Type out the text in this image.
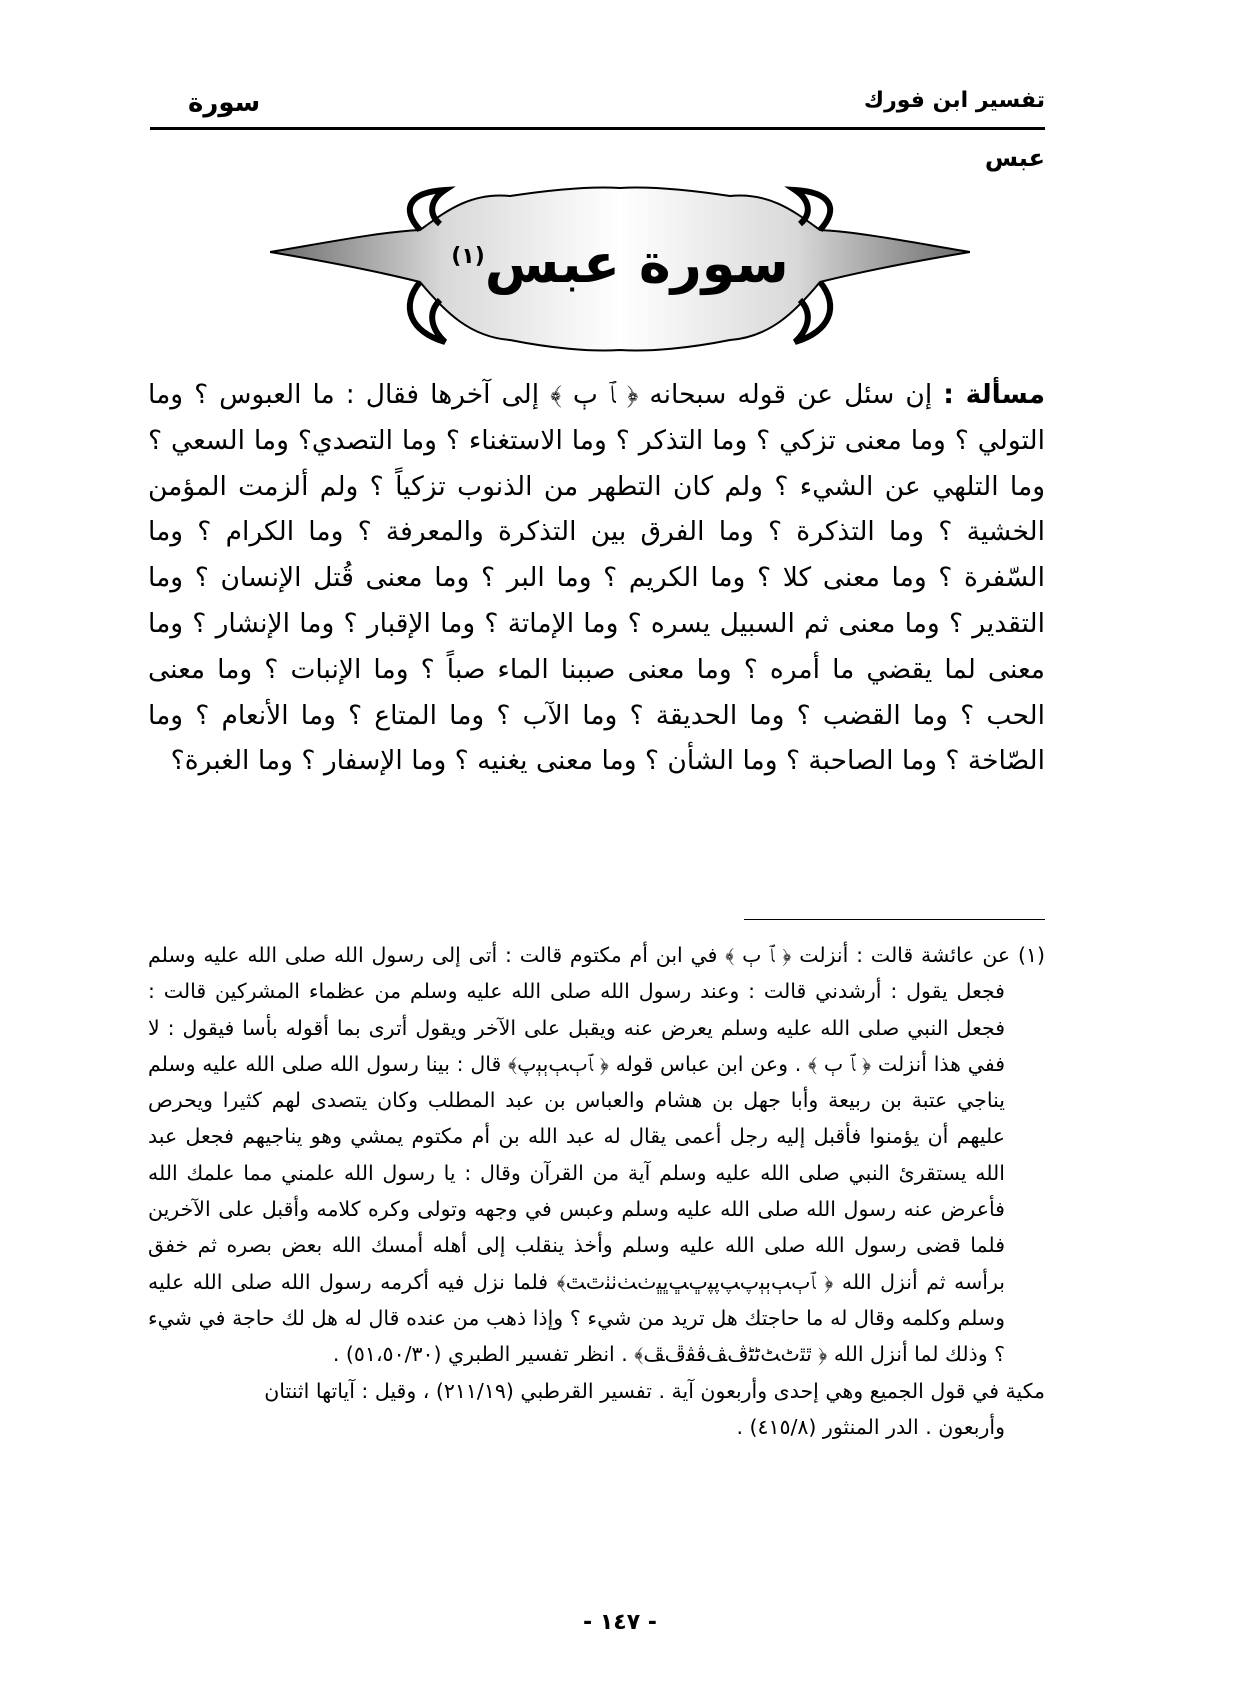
تفسير ابن فورك
سورة
عبس
سورة عبس$^{(١)}$
مسألة : إن سئل عن قوله سبحانه ﴿ ﭑ ﭒ ﴾ إلى آخرها فقال : ما العبوس ؟ وما التولي ؟ وما معنى تزكي ؟ وما التذكر ؟ وما الاستغناء ؟ وما التصدي؟ وما السعي ؟ وما التلهي عن الشيء ؟ ولم كان التطهر من الذنوب تزكياً ؟ ولم ألزمت المؤمن الخشية ؟ وما التذكرة ؟ وما الفرق بين التذكرة والمعرفة ؟ وما الكرام ؟ وما السّفرة ؟ وما معنى كلا ؟ وما الكريم ؟ وما البر ؟ وما معنى قُتل الإنسان ؟ وما التقدير ؟ وما معنى ثم السبيل يسره ؟ وما الإماتة ؟ وما الإقبار ؟ وما الإنشار ؟ وما معنى لما يقضي ما أمره ؟ وما معنى صببنا الماء صباً ؟ وما الإنبات ؟ وما معنى الحب ؟ وما القضب ؟ وما الحديقة ؟ وما الآب ؟ وما المتاع ؟ وما الأنعام ؟ وما الصّاخة ؟ وما الصاحبة ؟ وما الشأن ؟ وما معنى يغنيه ؟ وما الإسفار ؟ وما الغبرة؟

(١) عن عائشة قالت : أنزلت ﴿ ﭑ ﭒ ﴾ في ابن أم مكتوم قالت : أتى إلى رسول الله صلى الله عليه وسلم فجعل يقول : أرشدني قالت : وعند رسول الله صلى الله عليه وسلم من عظماء المشركين قالت : فجعل النبي صلى الله عليه وسلم يعرض عنه ويقبل على الآخر ويقول أترى بما أقوله بأسا فيقول : لا ففي هذا أنزلت ﴿ ﭑ ﭒ ﴾ . وعن ابن عباس قوله ﴿ ﭑﭒﭓﭔﭕﭖ﴾ قال : بينا رسول الله صلى الله عليه وسلم يناجي عتبة بن ربيعة وأبا جهل بن هشام والعباس بن عبد المطلب وكان يتصدى لهم كثيرا ويحرص عليهم أن يؤمنوا فأقبل إليه رجل أعمى يقال له عبد الله بن أم مكتوم يمشي وهو يناجيهم فجعل عبد الله يستقرئ النبي صلى الله عليه وسلم آية من القرآن وقال : يا رسول الله علمني مما علمك الله فأعرض عنه رسول الله صلى الله عليه وسلم وعبس في وجهه وتولى وكره كلامه وأقبل على الآخرين فلما قضى رسول الله صلى الله عليه وسلم وأخذ ينقلب إلى أهله أمسك الله بعض بصره ثم خفق برأسه ثم أنزل الله ﴿ ﭑﭒﭓﭔﭕﭖﭗﭘﭙﭚﭛﭜﭝﭞﭟﭠﭡﭢﭣ﴾ فلما نزل فيه أكرمه رسول الله صلى الله عليه وسلم وكلمه وقال له ما حاجتك هل تريد من شيء ؟ وإذا ذهب من عنده قال له هل لك حاجة في شيء ؟ وذلك لما أنزل الله ﴿ ﭤﭥﭦﭧﭨﭩﭪﭫﭬﭭﭮﭯ﴾ . انظر تفسير الطبري (٥١،٥٠/٣٠) .

مكية في قول الجميع وهي إحدى وأربعون آية . تفسير القرطبي (٢١١/١٩) ، وقيل : آياتها اثنتان
وأربعون . الدر المنثور (٤١٥/٨) .

- ١٤٧ -
